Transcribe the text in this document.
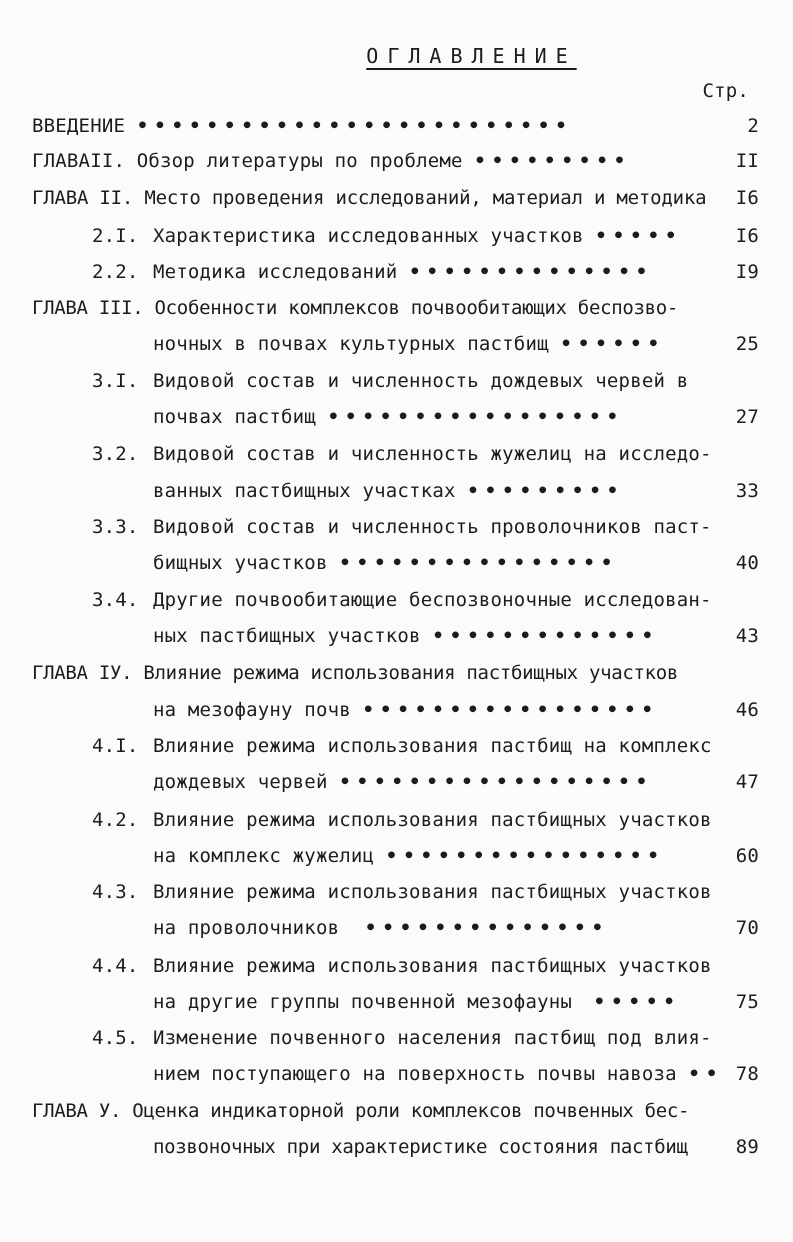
ОГЛАВЛЕНИЕ
Стр.
ВВЕДЕНИЕ •••••••••••••••••••••••••	2
ГЛАВАII. Обзор литературы по проблеме •••••••••	II
ГЛАВА II. Место проведения исследований, материал и методика I6
2.I. Характеристика исследованных участков •••••	I6
2.2. Методика исследований ••••••••••••••	I9
ГЛАВА III. Особенности комплексов почвообитающих беспозво-
ночных в почвах культурных пастбищ ••••••	25
3.I. Видовой состав и численность дождевых червей в
почвах пастбищ •••••••••••••••••	27
3.2. Видовой состав и численность жужелиц на исследо-
ванных пастбищных участках •••••••••	33
3.3. Видовой состав и численность проволочников паст-
бищных участков ••••••••••••••••	40
3.4. Другие почвообитающие беспозвоночные исследован-
ных пастбищных участков •••••••••••••	43
ГЛАВА IУ. Влияние режима использования пастбищных участков
на мезофауну почв •••••••••••••••••	46
4.I. Влияние режима использования пастбищ на комплекс
дождевых червей ••••••••••••••••••	47
4.2. Влияние режима использования пастбищных участков
на комплекс жужелиц ••••••••••••••••	60
4.3. Влияние режима использования пастбищных участков
на проволочников ••••••••••••••	70
4.4. Влияние режима использования пастбищных участков
на другие группы почвенной мезофауны •••••	75
4.5. Изменение почвенного населения пастбищ под влия-
нием поступающего на поверхность почвы навоза •• 78
ГЛАВА У. Оценка индикаторной роли комплексов почвенных бес-
позвоночных при характеристике состояния пастбищ	89
